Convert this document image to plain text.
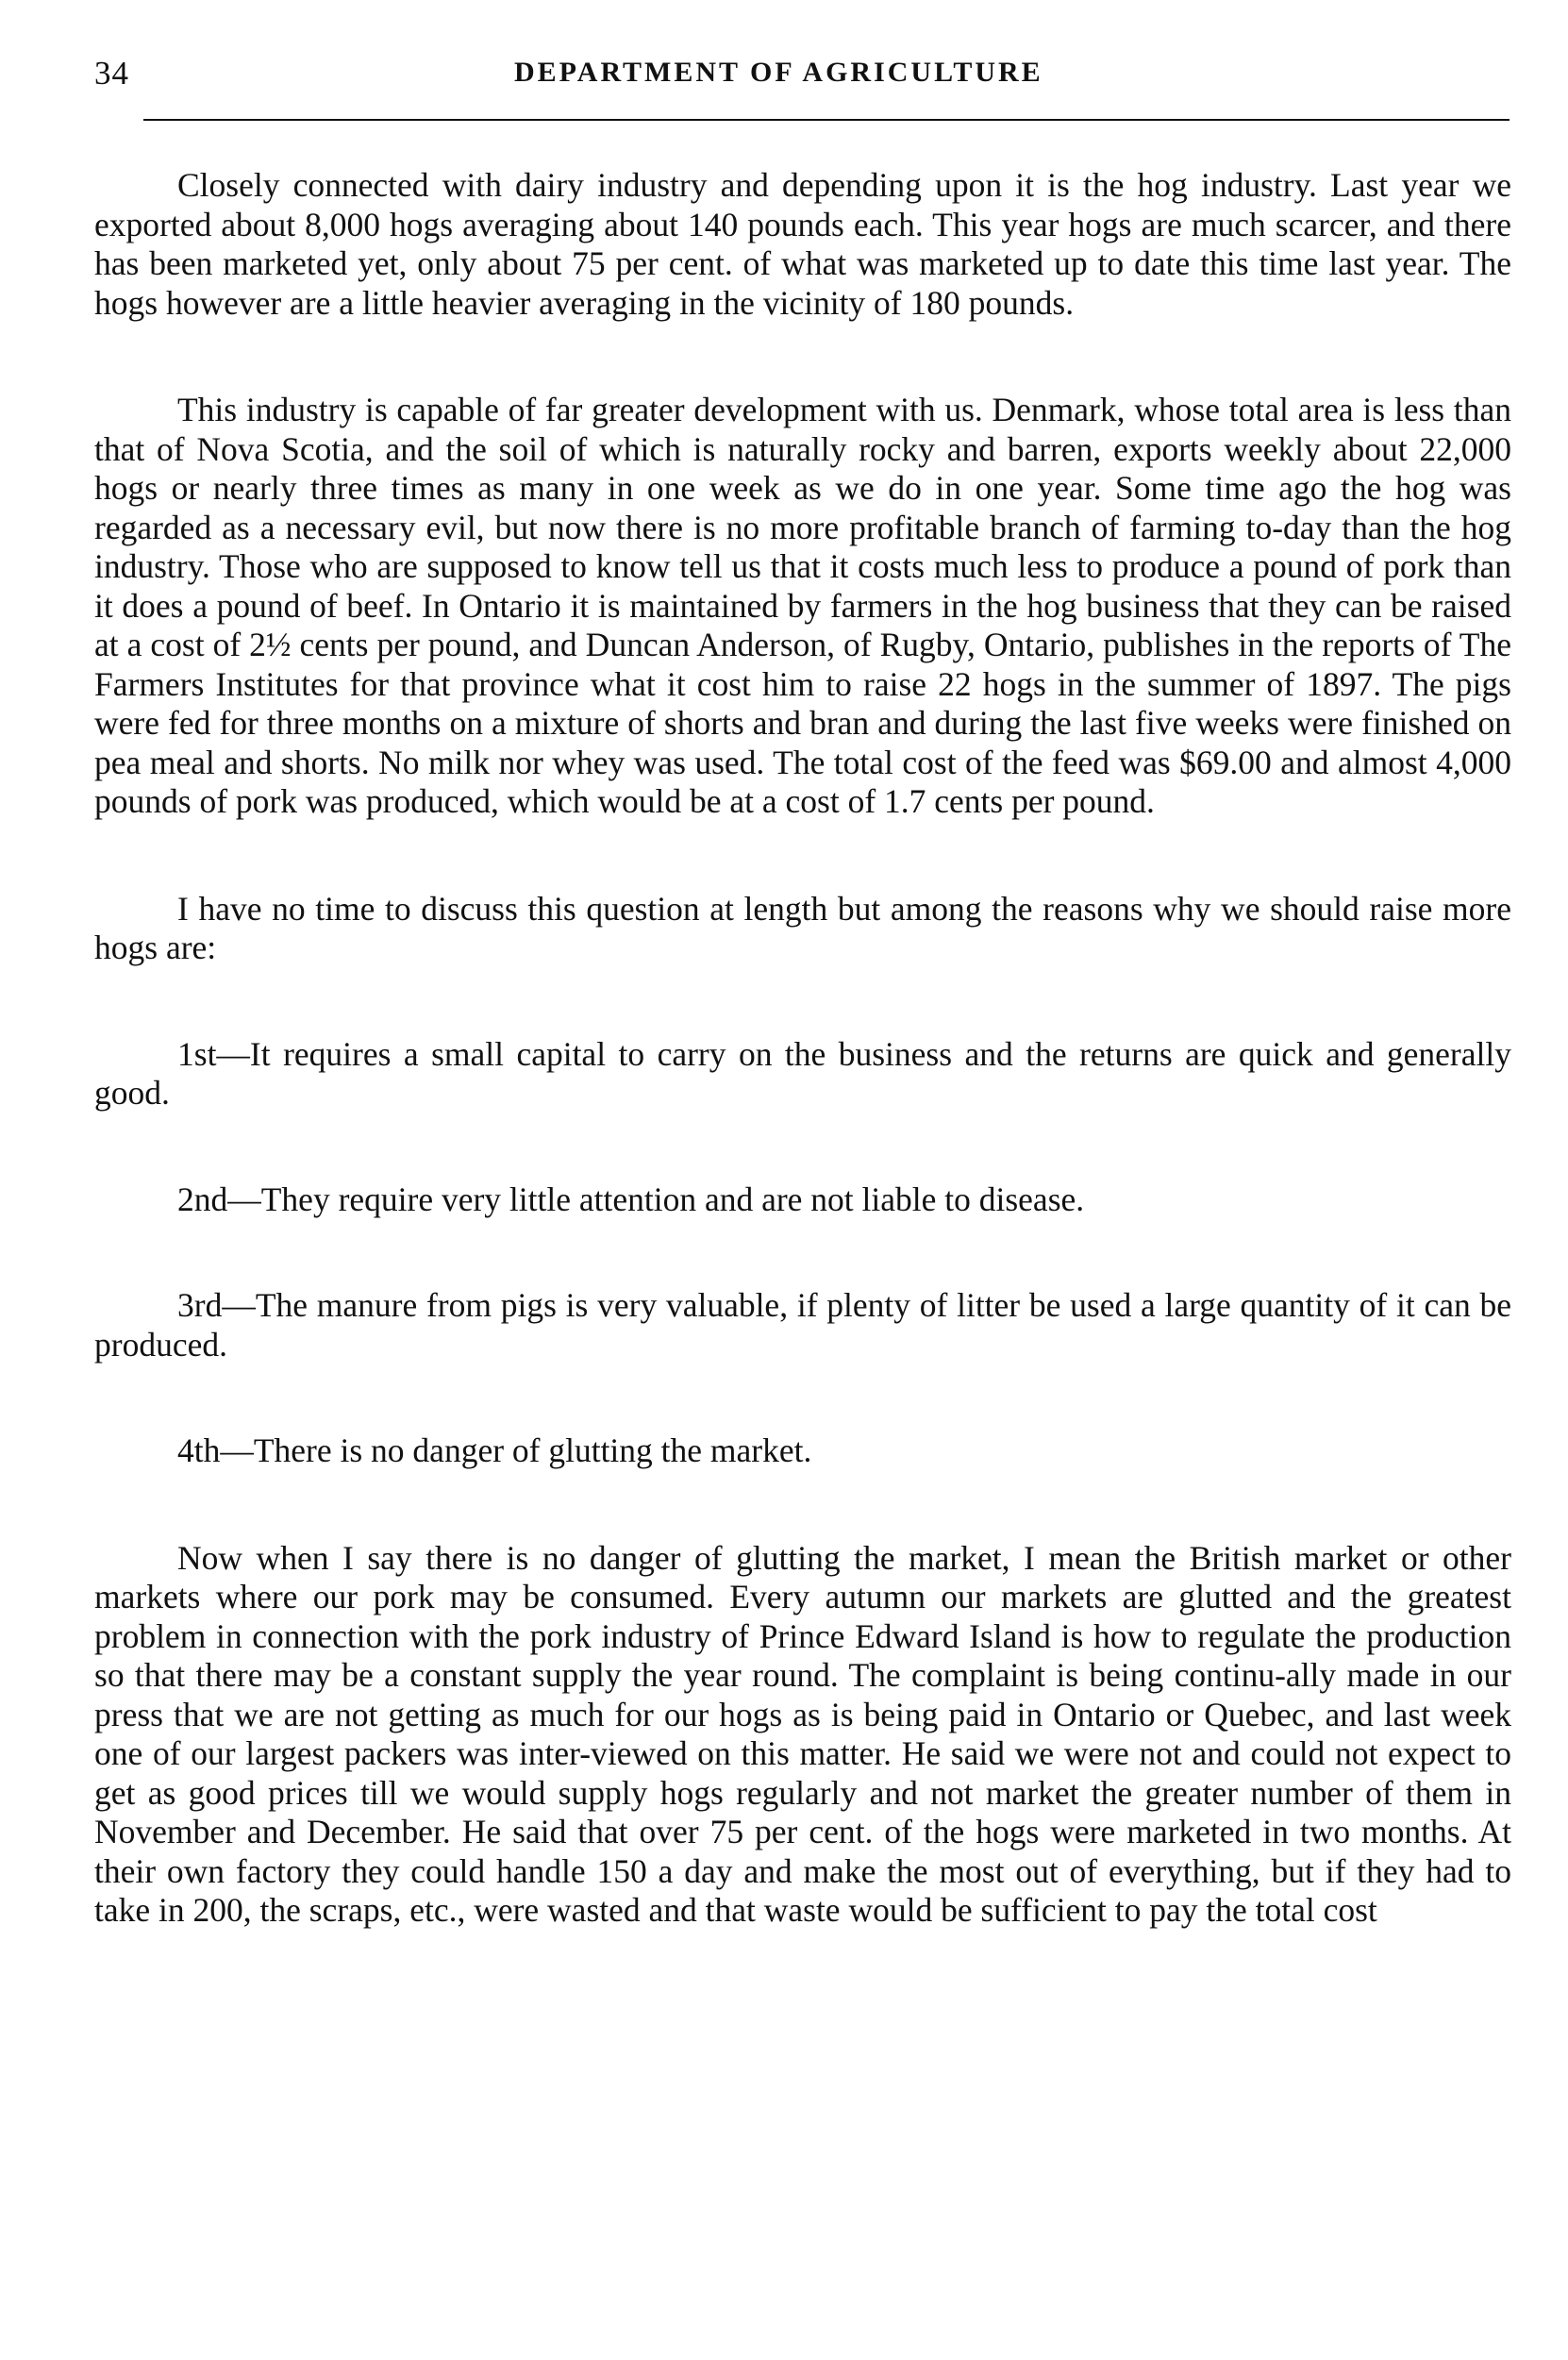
34	DEPARTMENT OF AGRICULTURE

Closely connected with dairy industry and depending upon it is the hog industry. Last year we exported about 8,000 hogs averaging about 140 pounds each. This year hogs are much scarcer, and there has been marketed yet, only about 75 per cent. of what was marketed up to date this time last year. The hogs however are a little heavier averaging in the vicinity of 180 pounds.

This industry is capable of far greater development with us. Denmark, whose total area is less than that of Nova Scotia, and the soil of which is naturally rocky and barren, exports weekly about 22,000 hogs or nearly three times as many in one week as we do in one year. Some time ago the hog was regarded as a necessary evil, but now there is no more profitable branch of farming to-day than the hog industry. Those who are supposed to know tell us that it costs much less to produce a pound of pork than it does a pound of beef. In Ontario it is maintained by farmers in the hog business that they can be raised at a cost of 2½ cents per pound, and Duncan Anderson, of Rugby, Ontario, publishes in the reports of The Farmers Institutes for that province what it cost him to raise 22 hogs in the summer of 1897. The pigs were fed for three months on a mixture of shorts and bran and during the last five weeks were finished on pea meal and shorts. No milk nor whey was used. The total cost of the feed was $69.00 and almost 4,000 pounds of pork was produced, which would be at a cost of 1.7 cents per pound.

I have no time to discuss this question at length but among the reasons why we should raise more hogs are:

1st—It requires a small capital to carry on the business and the returns are quick and generally good.

2nd—They require very little attention and are not liable to disease.

3rd—The manure from pigs is very valuable, if plenty of litter be used a large quantity of it can be produced.

4th—There is no danger of glutting the market.

Now when I say there is no danger of glutting the market, I mean the British market or other markets where our pork may be consumed. Every autumn our markets are glutted and the greatest problem in connection with the pork industry of Prince Edward Island is how to regulate the production so that there may be a constant supply the year round. The complaint is being continu-ally made in our press that we are not getting as much for our hogs as is being paid in Ontario or Quebec, and last week one of our largest packers was inter-viewed on this matter. He said we were not and could not expect to get as good prices till we would supply hogs regularly and not market the greater number of them in November and December. He said that over 75 per cent. of the hogs were marketed in two months. At their own factory they could handle 150 a day and make the most out of everything, but if they had to take in 200, the scraps, etc., were wasted and that waste would be sufficient to pay the total cost
